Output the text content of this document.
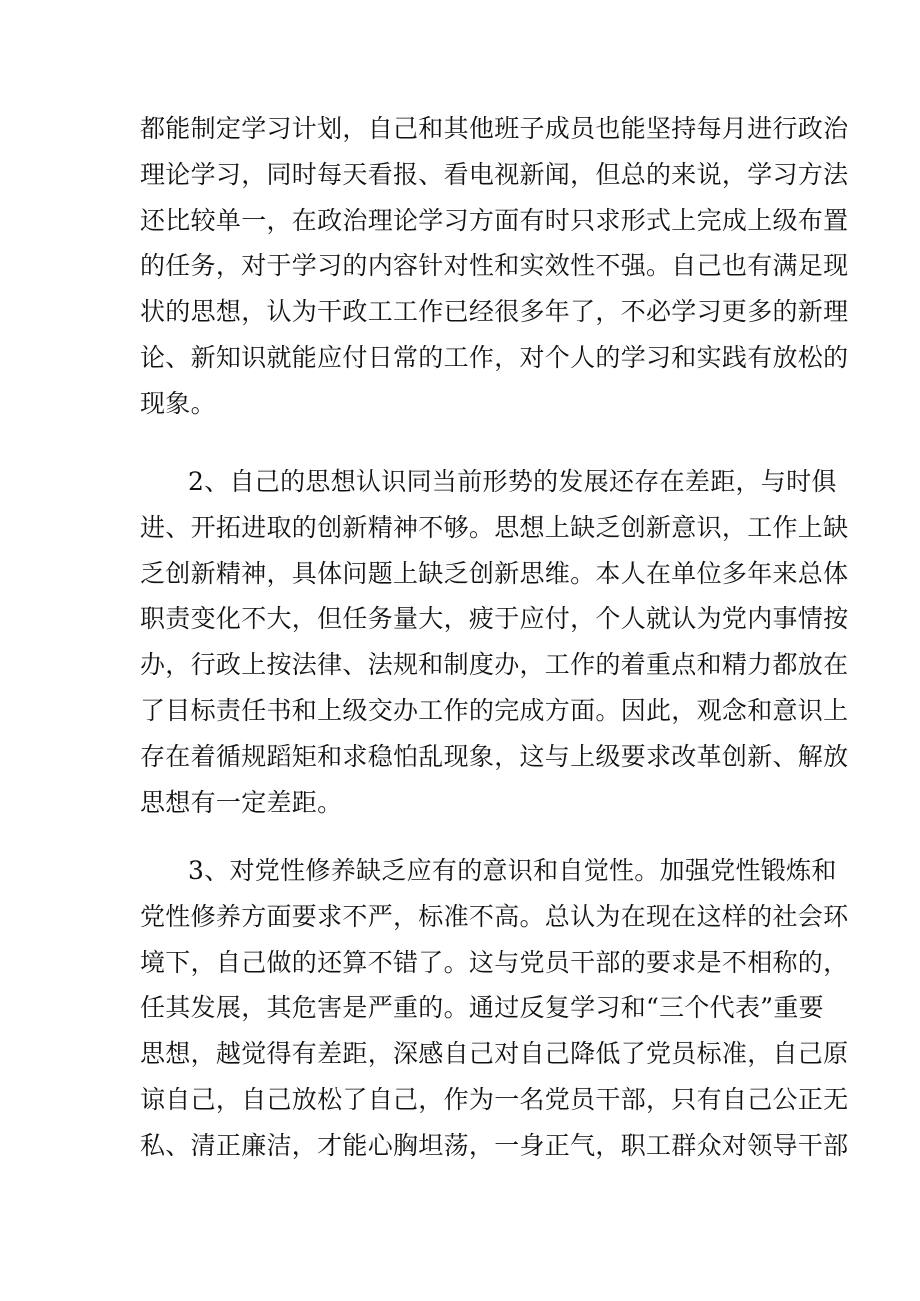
都能制定学习计划，自己和其他班子成员也能坚持每月进行政治
理论学习，同时每天看报、看电视新闻，但总的来说，学习方法
还比较单一，在政治理论学习方面有时只求形式上完成上级布置
的任务，对于学习的内容针对性和实效性不强。自己也有满足现
状的思想，认为干政工工作已经很多年了，不必学习更多的新理
论、新知识就能应付日常的工作，对个人的学习和实践有放松的
现象。
2、自己的思想认识同当前形势的发展还存在差距，与时俱
进、开拓进取的创新精神不够。思想上缺乏创新意识，工作上缺
乏创新精神，具体问题上缺乏创新思维。本人在单位多年来总体
职责变化不大，但任务量大，疲于应付，个人就认为党内事情按
办，行政上按法律、法规和制度办，工作的着重点和精力都放在
了目标责任书和上级交办工作的完成方面。因此，观念和意识上
存在着循规蹈矩和求稳怕乱现象，这与上级要求改革创新、解放
思想有一定差距。
3、对党性修养缺乏应有的意识和自觉性。加强党性锻炼和
党性修养方面要求不严，标准不高。总认为在现在这样的社会环
境下，自己做的还算不错了。这与党员干部的要求是不相称的，
任其发展，其危害是严重的。通过反复学习和“三个代表”重要
思想，越觉得有差距，深感自己对自己降低了党员标准，自己原
谅自己，自己放松了自己，作为一名党员干部，只有自己公正无
私、清正廉洁，才能心胸坦荡，一身正气，职工群众对领导干部
